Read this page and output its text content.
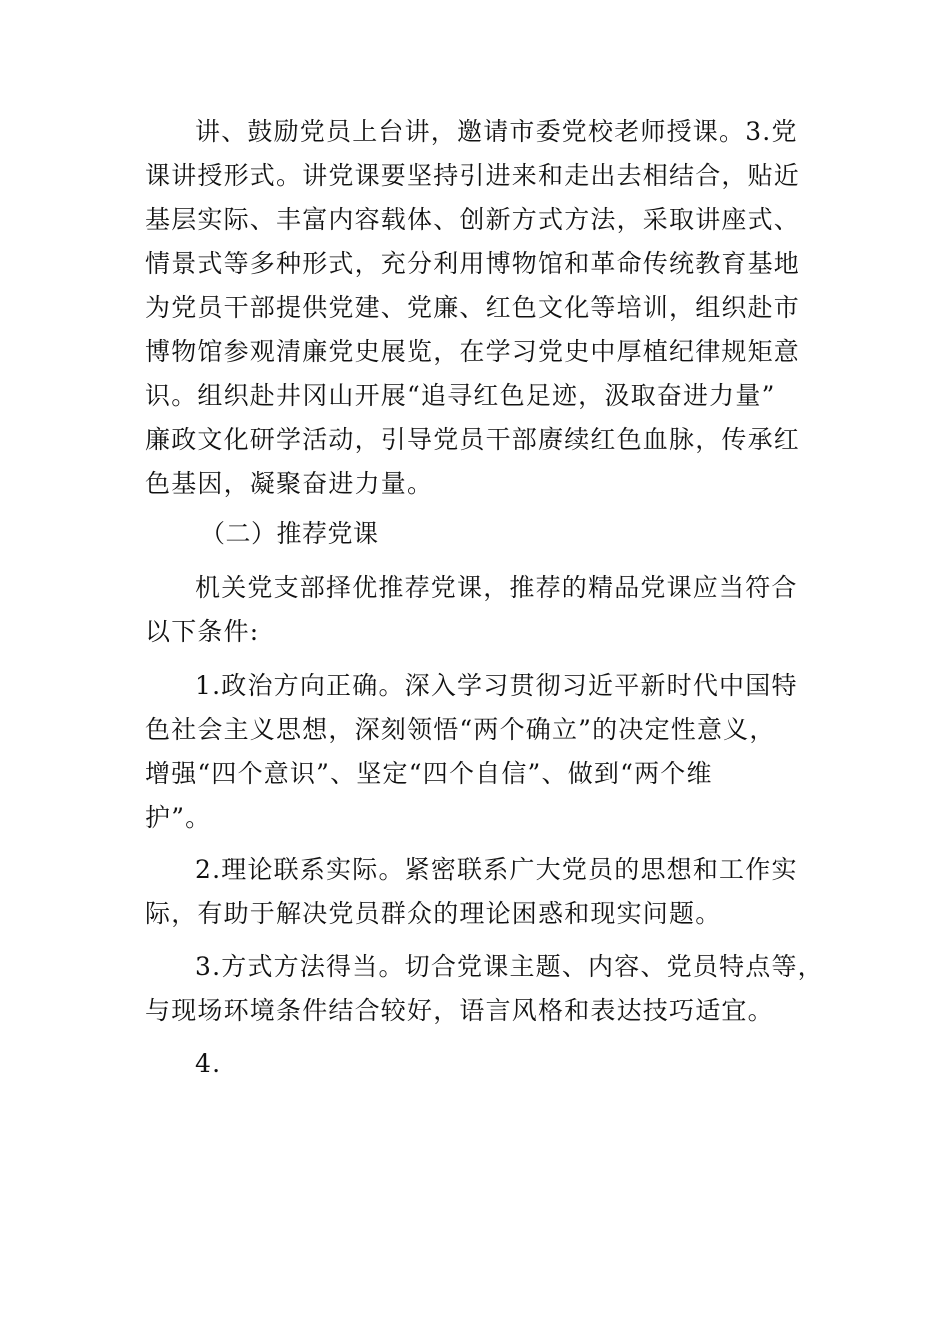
讲、鼓励党员上台讲，邀请市委党校老师授课。3.党
课讲授形式。讲党课要坚持引进来和走出去相结合，贴近
基层实际、丰富内容载体、创新方式方法，采取讲座式、
情景式等多种形式，充分利用博物馆和革命传统教育基地
为党员干部提供党建、党廉、红色文化等培训，组织赴市
博物馆参观清廉党史展览，在学习党史中厚植纪律规矩意
识。组织赴井冈山开展“追寻红色足迹，汲取奋进力量”
廉政文化研学活动，引导党员干部赓续红色血脉，传承红
色基因，凝聚奋进力量。
（二）推荐党课
机关党支部择优推荐党课，推荐的精品党课应当符合
以下条件:
1.政治方向正确。深入学习贯彻习近平新时代中国特
色社会主义思想，深刻领悟“两个确立”的决定性意义，
增强“四个意识”、坚定“四个自信”、做到“两个维
护”。
2.理论联系实际。紧密联系广大党员的思想和工作实
际，有助于解决党员群众的理论困惑和现实问题。
3.方式方法得当。切合党课主题、内容、党员特点等，
与现场环境条件结合较好，语言风格和表达技巧适宜。
4.
